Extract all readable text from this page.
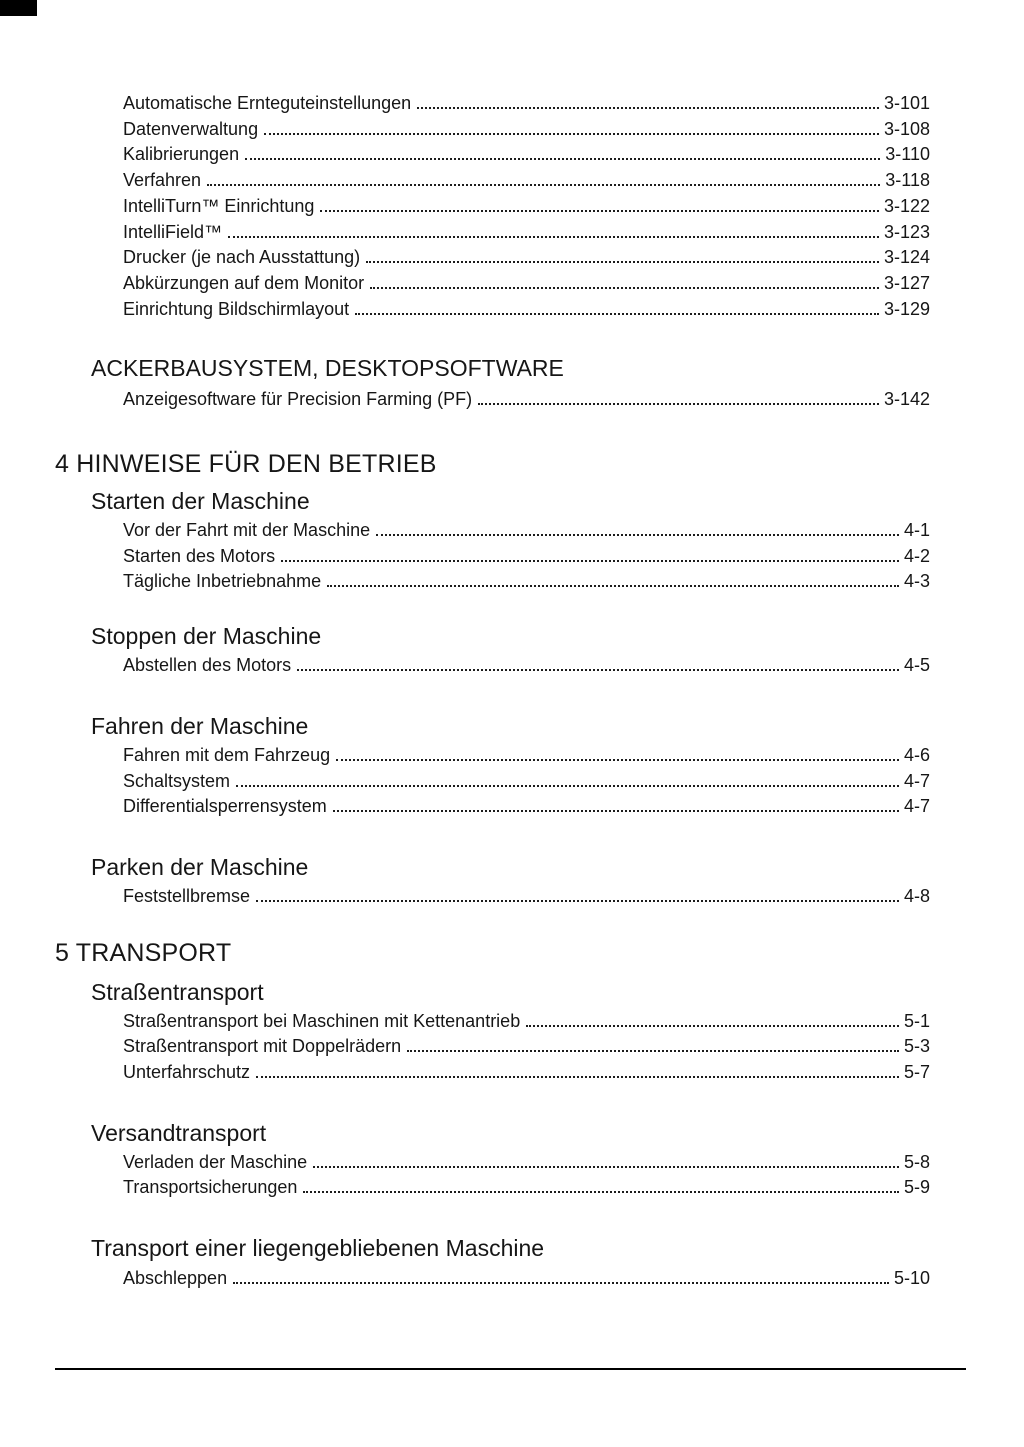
Automatische Ernteguteinstellungen	3-101
Datenverwaltung	3-108
Kalibrierungen	3-110
Verfahren	3-118
IntelliTurn™ Einrichtung	3-122
IntelliField™	3-123
Drucker (je nach Ausstattung)	3-124
Abkürzungen auf dem Monitor	3-127
Einrichtung Bildschirmlayout	3-129
ACKERBAUSYSTEM, DESKTOPSOFTWARE
Anzeigesoftware für Precision Farming (PF)	3-142
4 HINWEISE FÜR DEN BETRIEB
Starten der Maschine
Vor der Fahrt mit der Maschine	4-1
Starten des Motors	4-2
Tägliche Inbetriebnahme	4-3
Stoppen der Maschine
Abstellen des Motors	4-5
Fahren der Maschine
Fahren mit dem Fahrzeug	4-6
Schaltsystem	4-7
Differentialsperrensystem	4-7
Parken der Maschine
Feststellbremse	4-8
5 TRANSPORT
Straßentransport
Straßentransport bei Maschinen mit Kettenantrieb	5-1
Straßentransport mit Doppelrädern	5-3
Unterfahrschutz	5-7
Versandtransport
Verladen der Maschine	5-8
Transportsicherungen	5-9
Transport einer liegengebliebenen Maschine
Abschleppen	5-10
